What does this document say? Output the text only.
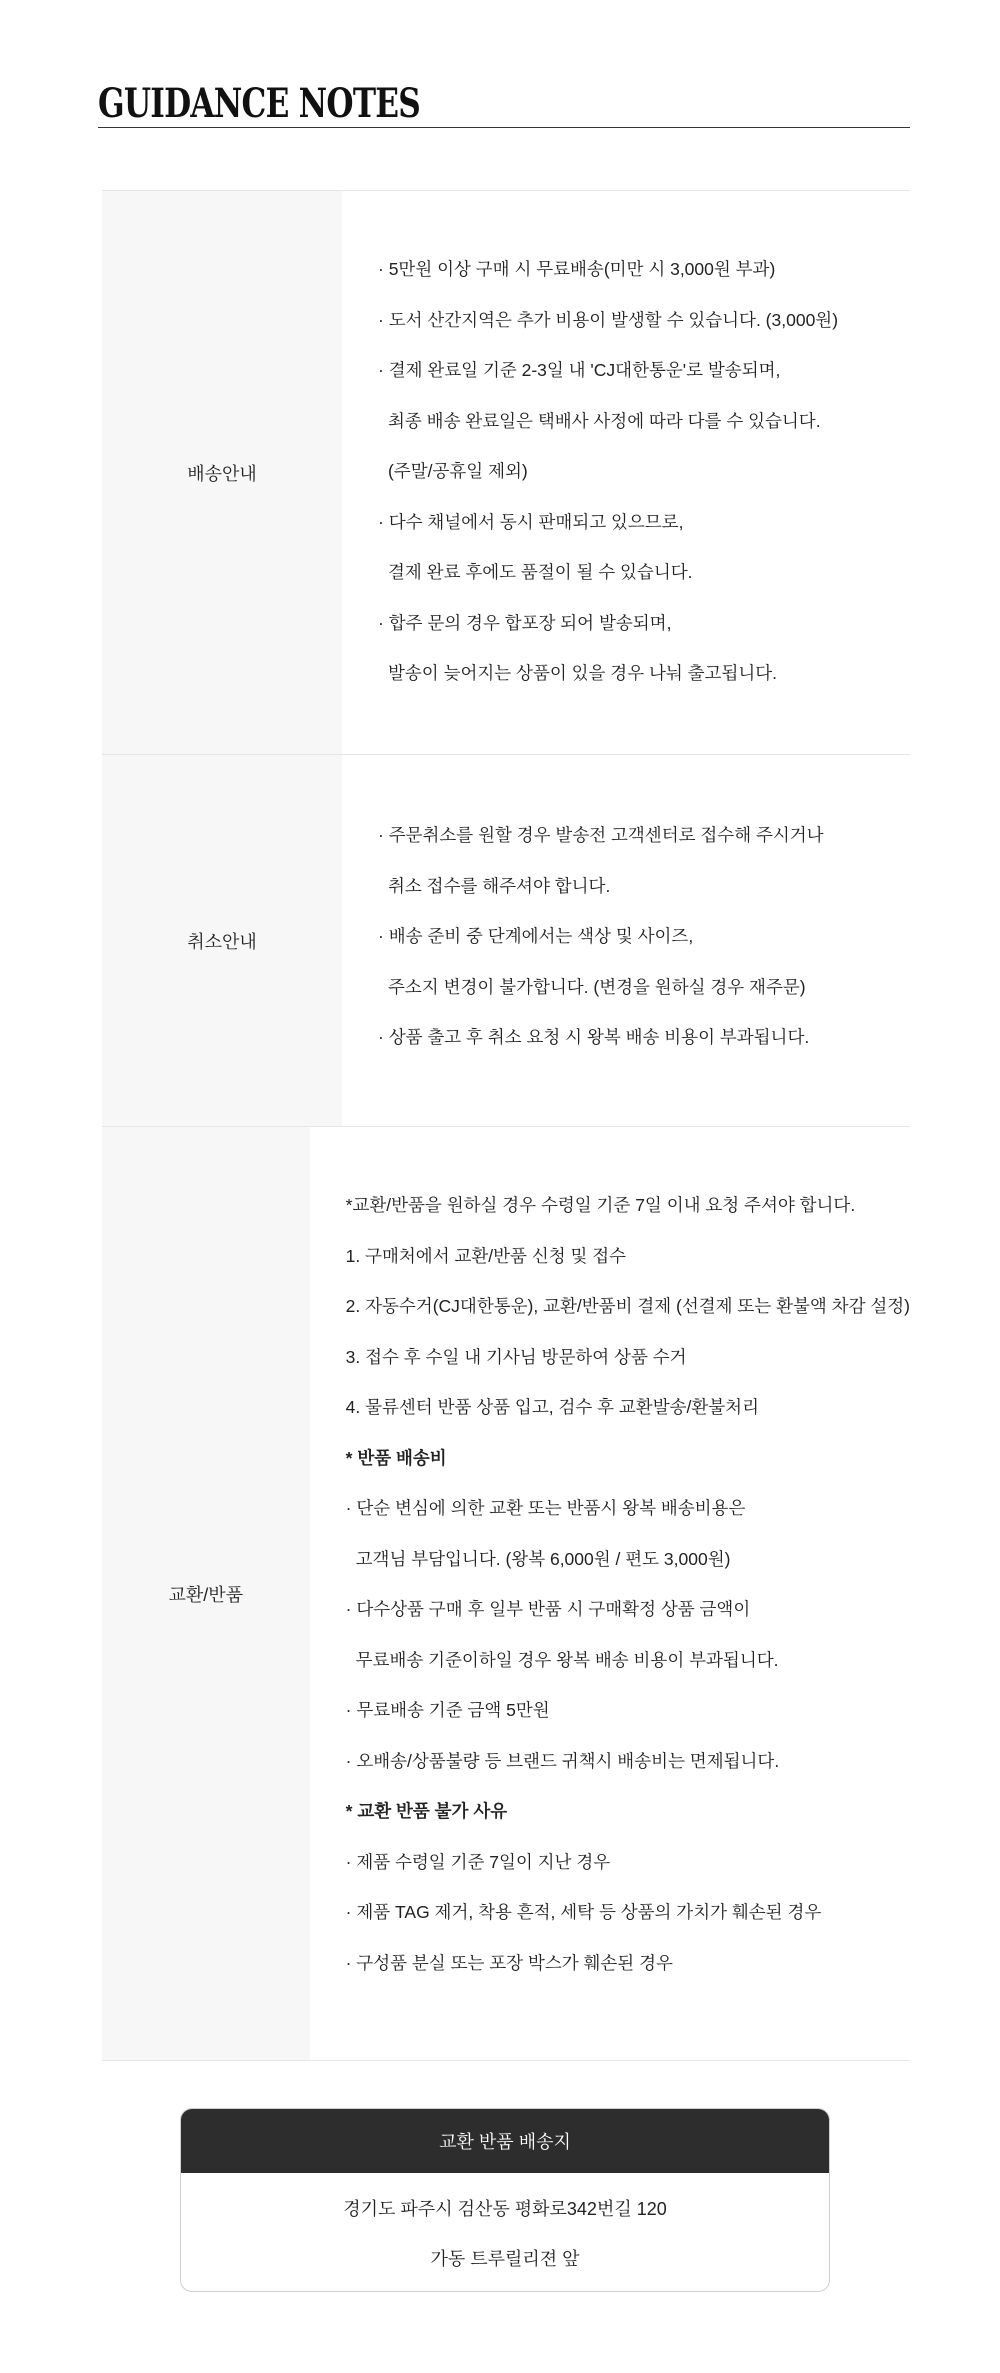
GUIDANCE NOTES
배송안내
· 5만원 이상 구매 시 무료배송(미만 시 3,000원 부과)
· 도서 산간지역은 추가 비용이 발생할 수 있습니다. (3,000원)
· 결제 완료일 기준 2-3일 내 'CJ대한통운'로 발송되며,
최종 배송 완료일은 택배사 사정에 따라 다를 수 있습니다.
(주말/공휴일 제외)
· 다수 채널에서 동시 판매되고 있으므로,
결제 완료 후에도 품절이 될 수 있습니다.
· 합주 문의 경우 합포장 되어 발송되며,
발송이 늦어지는 상품이 있을 경우 나눠 출고됩니다.
취소안내
· 주문취소를 원할 경우 발송전 고객센터로 접수해 주시거나
취소 접수를 해주셔야 합니다.
· 배송 준비 중 단계에서는 색상 및 사이즈,
주소지 변경이 불가합니다. (변경을 원하실 경우 재주문)
· 상품 출고 후 취소 요청 시 왕복 배송 비용이 부과됩니다.
교환/반품
*교환/반품을 원하실 경우 수령일 기준 7일 이내 요청 주셔야 합니다.
1. 구매처에서 교환/반품 신청 및 접수
2. 자동수거(CJ대한통운), 교환/반품비 결제 (선결제 또는 환불액 차감 설정)
3. 접수 후 수일 내 기사님 방문하여 상품 수거
4. 물류센터 반품 상품 입고, 검수 후 교환발송/환불처리
* 반품 배송비
· 단순 변심에 의한 교환 또는 반품시 왕복 배송비용은
고객님 부담입니다. (왕복 6,000원 / 편도 3,000원)
· 다수상품 구매 후 일부 반품 시 구매확정 상품 금액이
무료배송 기준이하일 경우 왕복 배송 비용이 부과됩니다.
· 무료배송 기준 금액 5만원
· 오배송/상품불량 등 브랜드 귀책시 배송비는 면제됩니다.
* 교환 반품 불가 사유
· 제품 수령일 기준 7일이 지난 경우
· 제품 TAG 제거, 착용 흔적, 세탁 등 상품의 가치가 훼손된 경우
· 구성품 분실 또는 포장 박스가 훼손된 경우
교환 반품 배송지
경기도 파주시 검산동 평화로342번길 120
가동 트루릴리젼 앞
